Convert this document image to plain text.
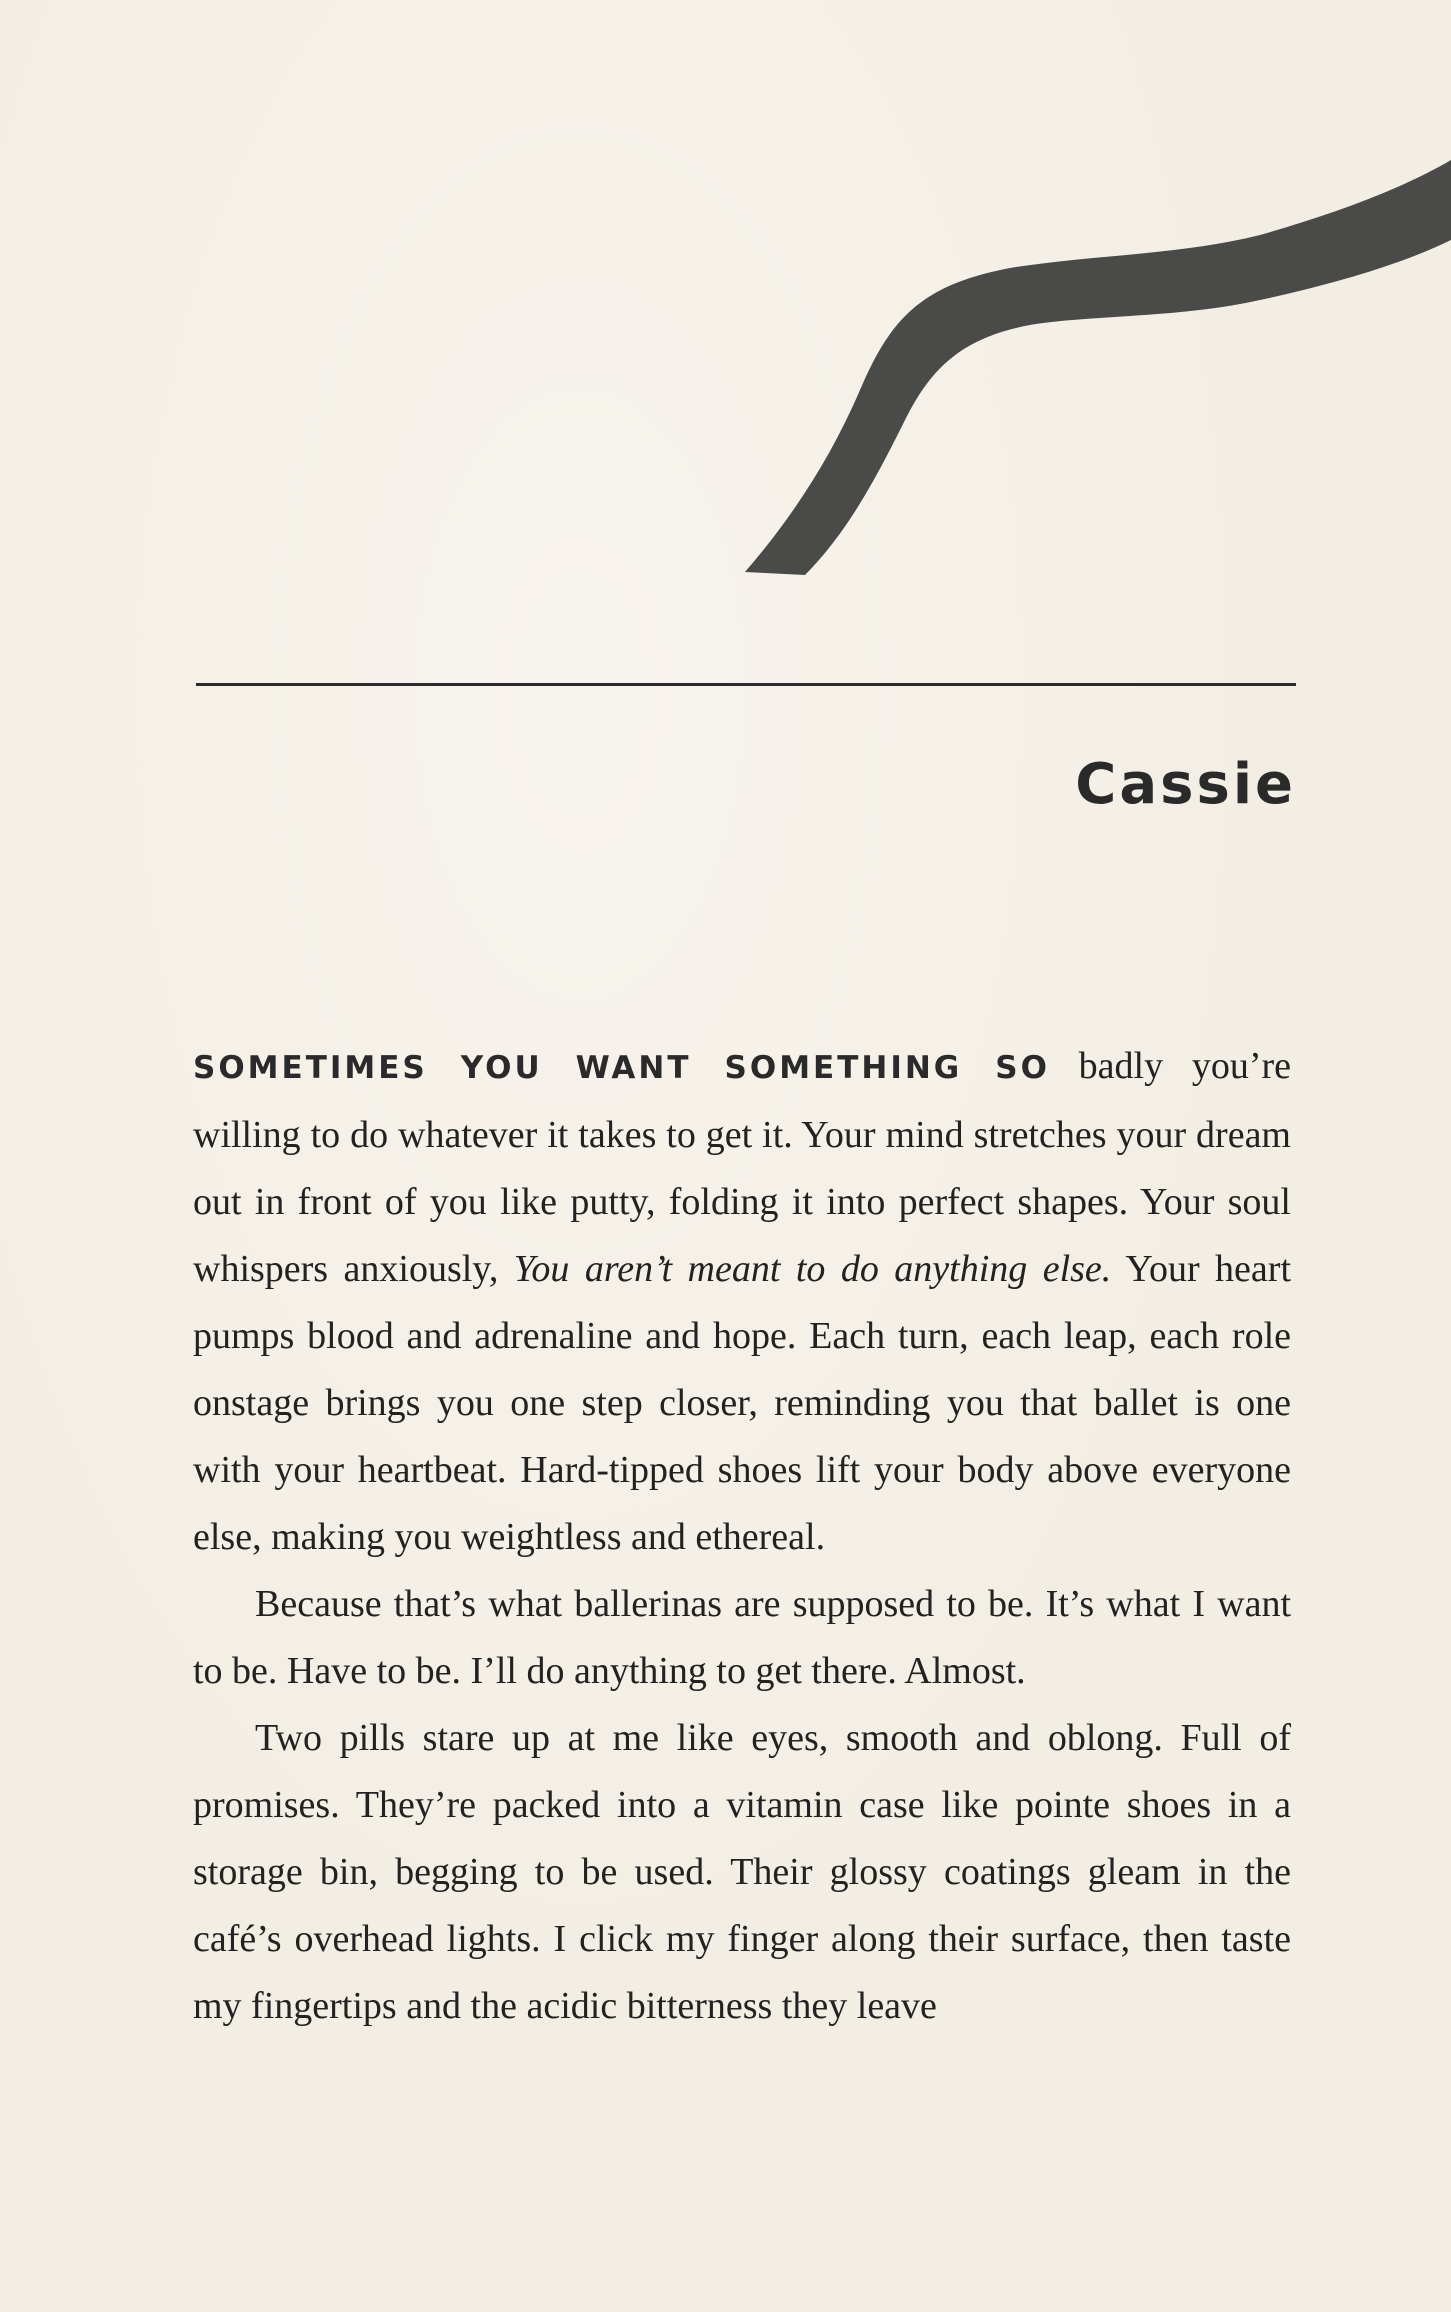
Cassie

SOMETIMES YOU WANT SOMETHING SO badly you’re willing to do whatever it takes to get it. Your mind stretches your dream out in front of you like putty, folding it into perfect shapes. Your soul whispers anxiously, You aren’t meant to do anything else. Your heart pumps blood and adrenaline and hope. Each turn, each leap, each role onstage brings you one step closer, reminding you that ballet is one with your heartbeat. Hard-tipped shoes lift your body above everyone else, making you weightless and ethereal.

Because that’s what ballerinas are supposed to be. It’s what I want to be. Have to be. I’ll do anything to get there. Almost.

Two pills stare up at me like eyes, smooth and oblong. Full of promises. They’re packed into a vitamin case like pointe shoes in a storage bin, begging to be used. Their glossy coatings gleam in the café’s overhead lights. I click my finger along their surface, then taste my fingertips and the acidic bitterness they leave
